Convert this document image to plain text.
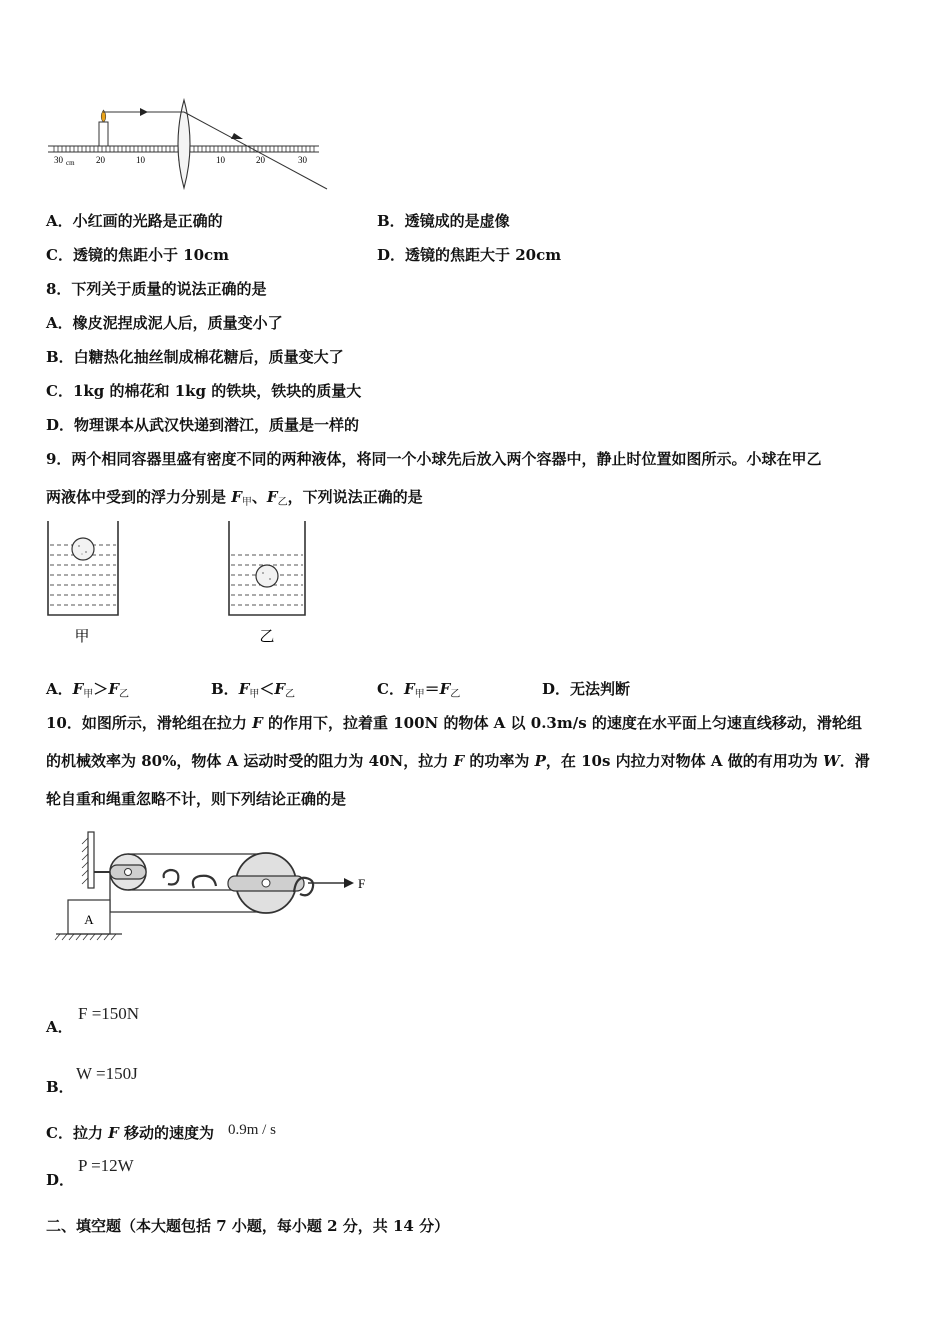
30 cm 20	10	10	20	30
A．小红画的光路是正确的	B．透镜成的是虚像
C．透镜的焦距小于 10cm	D．透镜的焦距大于 20cm
8．下列关于质量的说法正确的是
A．橡皮泥捏成泥人后，质量变小了
B．白糖热化抽丝制成棉花糖后，质量变大了
C．1kg 的棉花和 1kg 的铁块，铁块的质量大
D．物理课本从武汉快递到潜江，质量是一样的
9．两个相同容器里盛有密度不同的两种液体，将同一个小球先后放入两个容器中，静止时位置如图所示。小球在甲乙
两液体中受到的浮力分别是 $F_甲$、$F_乙$，下列说法正确的是
甲	乙
A．$F_甲>F_乙$	B．$F_甲<F_乙$	C．$F_甲=F_乙$	D．无法判断
10．如图所示，滑轮组在拉力 F 的作用下，拉着重 100N 的物体 A 以 0.3m/s 的速度在水平面上匀速直线移动，滑轮组
的机械效率为 80%，物体 A 运动时受的阻力为 40N，拉力 F 的功率为 P，在 10s 内拉力对物体 A 做的有用功为 W．滑
轮自重和绳重忽略不计，则下列结论正确的是
F
A
A．
F =150N
B．
W =150J
C．拉力 F 移动的速度为 0.9m / s
D．
P =12W
二、填空题（本大题包括 7 小题，每小题 2 分，共 14 分）
